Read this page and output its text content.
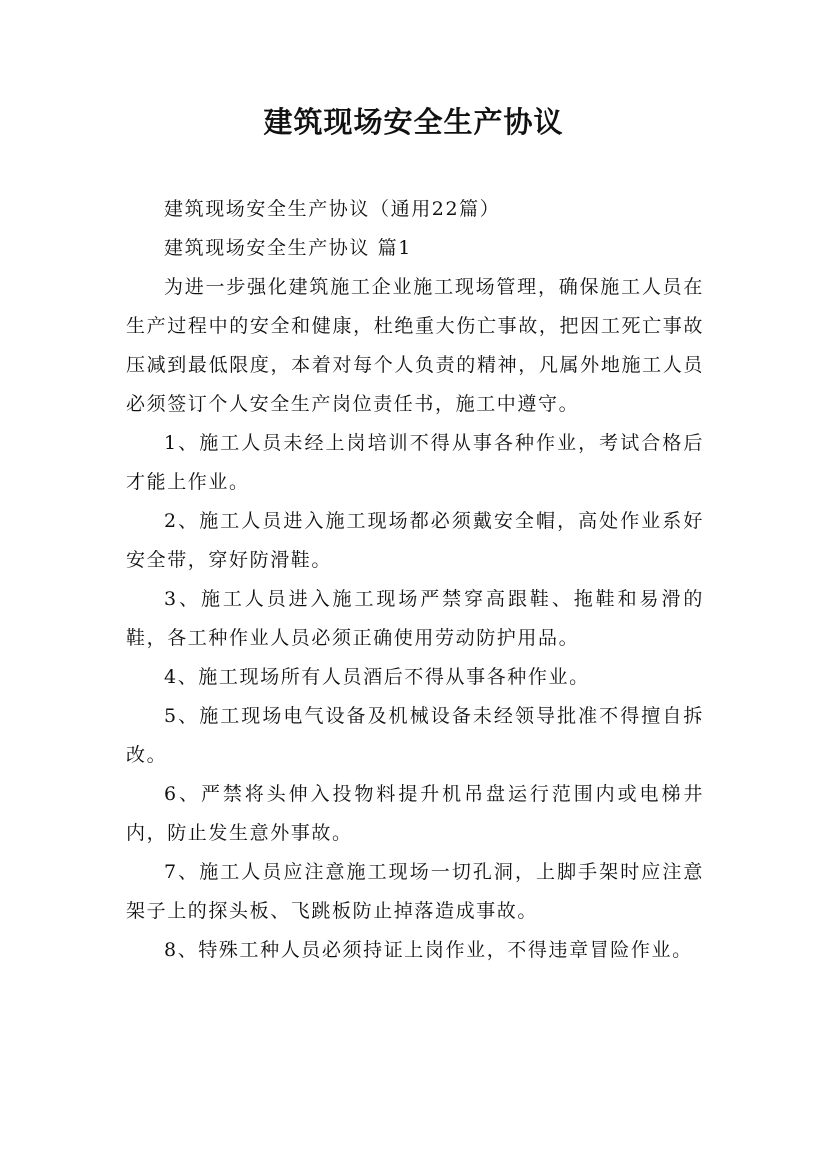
建筑现场安全生产协议

建筑现场安全生产协议（通用22篇）

建筑现场安全生产协议 篇1

为进一步强化建筑施工企业施工现场管理，确保施工人员在生产过程中的安全和健康，杜绝重大伤亡事故，把因工死亡事故压减到最低限度，本着对每个人负责的精神，凡属外地施工人员必须签订个人安全生产岗位责任书，施工中遵守。

1、施工人员未经上岗培训不得从事各种作业，考试合格后才能上作业。

2、施工人员进入施工现场都必须戴安全帽，高处作业系好安全带，穿好防滑鞋。

3、施工人员进入施工现场严禁穿高跟鞋、拖鞋和易滑的鞋，各工种作业人员必须正确使用劳动防护用品。

4、施工现场所有人员酒后不得从事各种作业。

5、施工现场电气设备及机械设备未经领导批准不得擅自拆改。

6、严禁将头伸入投物料提升机吊盘运行范围内或电梯井内，防止发生意外事故。

7、施工人员应注意施工现场一切孔洞，上脚手架时应注意架子上的探头板、飞跳板防止掉落造成事故。

8、特殊工种人员必须持证上岗作业，不得违章冒险作业。
